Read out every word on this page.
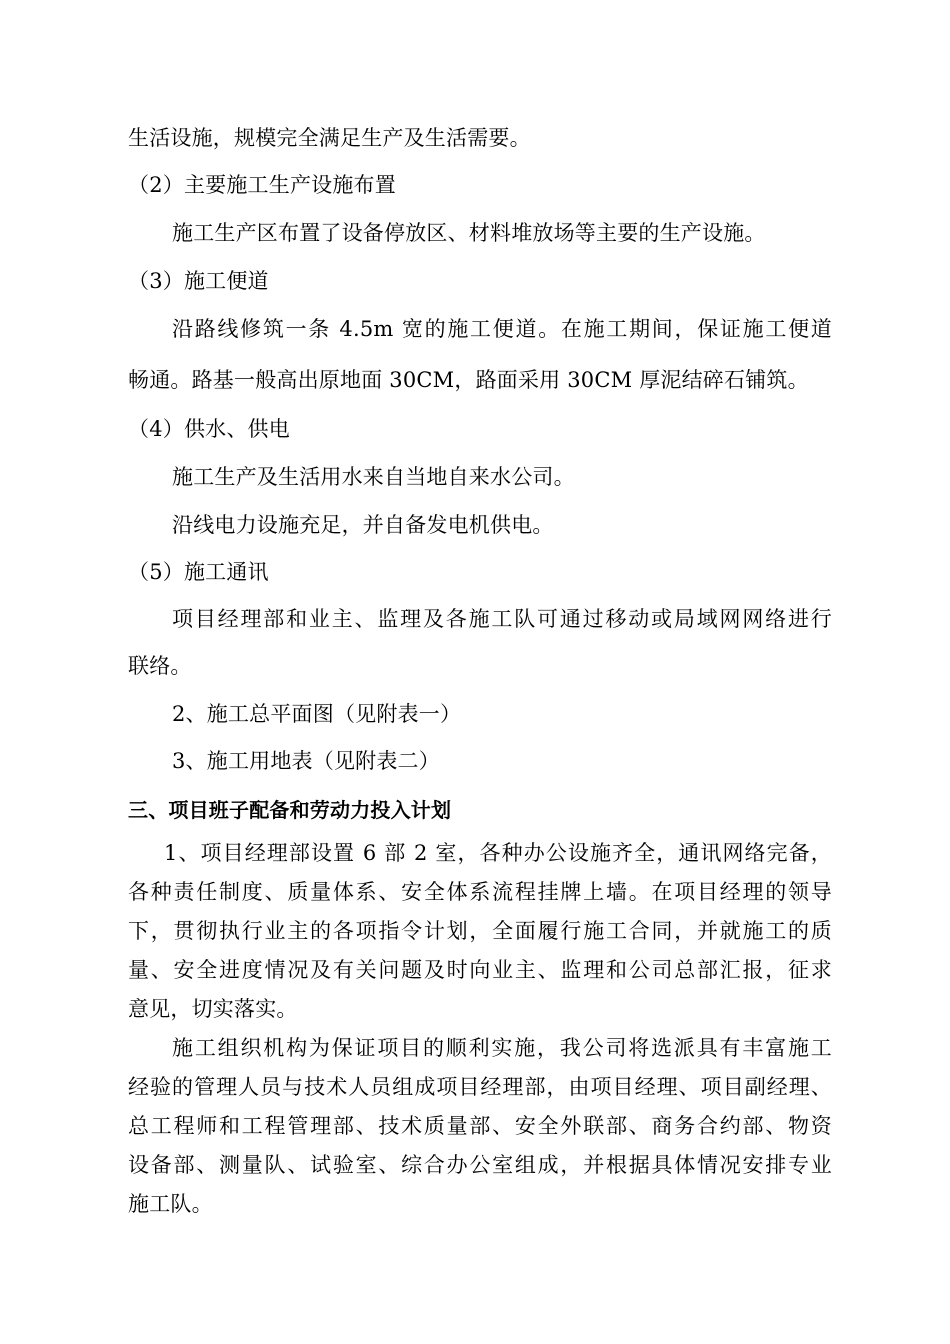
生活设施，规模完全满足生产及生活需要。
（2）主要施工生产设施布置
施工生产区布置了设备停放区、材料堆放场等主要的生产设施。
（3）施工便道
沿路线修筑一条 4.5m 宽的施工便道。在施工期间，保证施工便道
畅通。路基一般高出原地面 30CM，路面采用 30CM 厚泥结碎石铺筑。
（4）供水、供电
施工生产及生活用水来自当地自来水公司。
沿线电力设施充足，并自备发电机供电。
（5）施工通讯
项目经理部和业主、监理及各施工队可通过移动或局域网网络进行
联络。
2、施工总平面图（见附表一）
3、施工用地表（见附表二）
三、项目班子配备和劳动力投入计划
1、项目经理部设置 6 部 2 室，各种办公设施齐全，通讯网络完备，
各种责任制度、质量体系、安全体系流程挂牌上墙。在项目经理的领导
下，贯彻执行业主的各项指令计划，全面履行施工合同，并就施工的质
量、安全进度情况及有关问题及时向业主、监理和公司总部汇报，征求
意见，切实落实。
施工组织机构为保证项目的顺利实施，我公司将选派具有丰富施工
经验的管理人员与技术人员组成项目经理部，由项目经理、项目副经理、
总工程师和工程管理部、技术质量部、安全外联部、商务合约部、物资
设备部、测量队、试验室、综合办公室组成，并根据具体情况安排专业
施工队。
